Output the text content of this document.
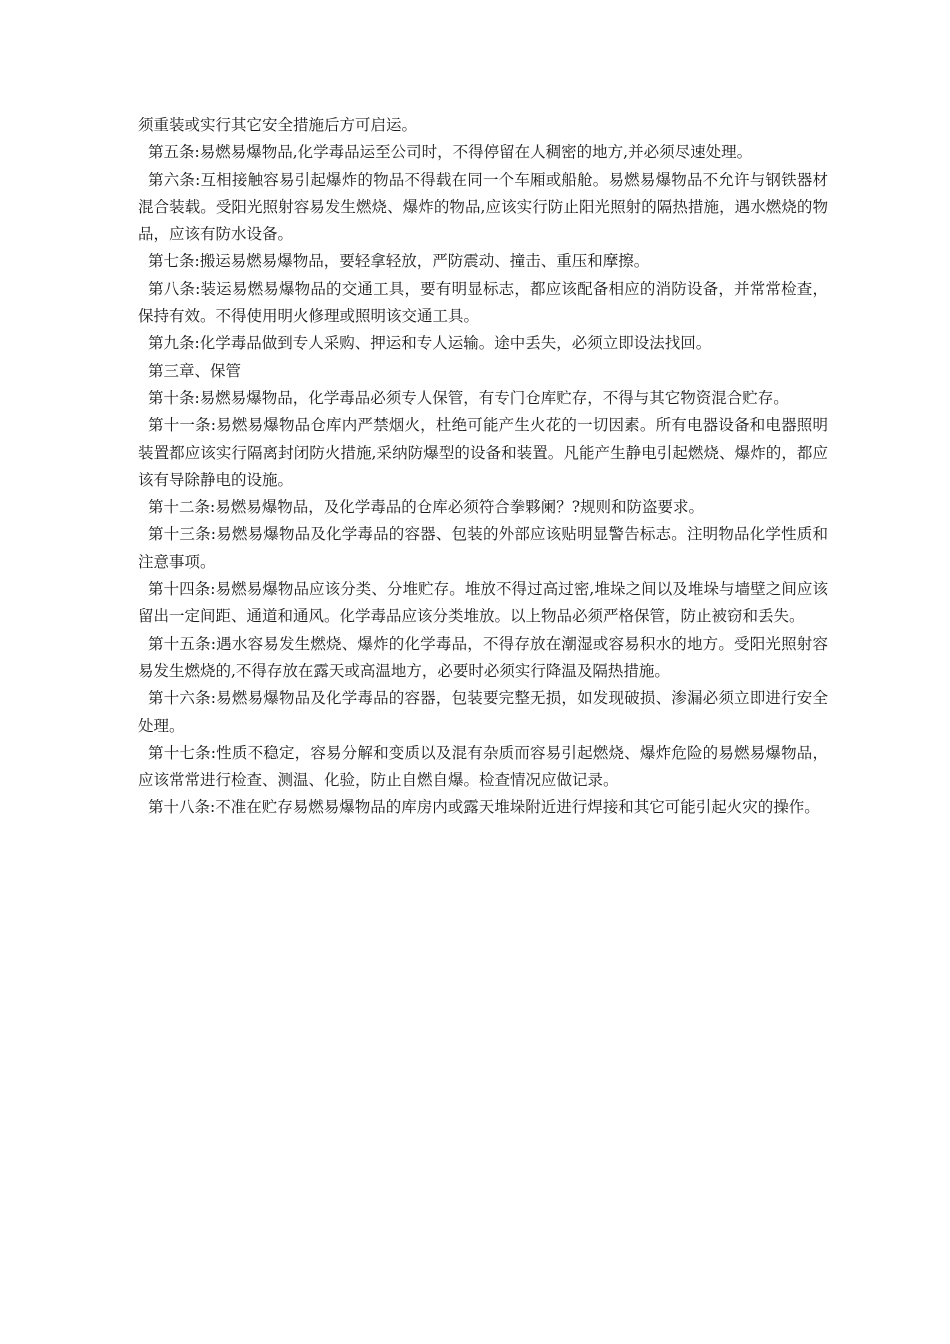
须重装或实行其它安全措施后方可启运。

第五条:易燃易爆物品,化学毒品运至公司时，不得停留在人稠密的地方,并必须尽速处理。

第六条:互相接触容易引起爆炸的物品不得载在同一个车厢或船舱。易燃易爆物品不允许与钢铁器材混合装载。受阳光照射容易发生燃烧、爆炸的物品,应该实行防止阳光照射的隔热措施，遇水燃烧的物品，应该有防水设备。

第七条:搬运易燃易爆物品，要轻拿轻放，严防震动、撞击、重压和摩擦。

第八条:装运易燃易爆物品的交通工具，要有明显标志，都应该配备相应的消防设备，并常常检查，保持有效。不得使用明火修理或照明该交通工具。

第九条:化学毒品做到专人采购、押运和专人运输。途中丢失，必须立即设法找回。

第三章、保管

第十条:易燃易爆物品，化学毒品必须专人保管，有专门仓库贮存，不得与其它物资混合贮存。

第十一条:易燃易爆物品仓库内严禁烟火，杜绝可能产生火花的一切因素。所有电器设备和电器照明装置都应该实行隔离封闭防火措施,采纳防爆型的设备和装置。凡能产生静电引起燃烧、爆炸的，都应该有导除静电的设施。

第十二条:易燃易爆物品，及化学毒品的仓库必须符合拳夥阑？?规则和防盗要求。

第十三条:易燃易爆物品及化学毒品的容器、包装的外部应该贴明显警告标志。注明物品化学性质和注意事项。

第十四条:易燃易爆物品应该分类、分堆贮存。堆放不得过高过密,堆垛之间以及堆垛与墙壁之间应该留出一定间距、通道和通风。化学毒品应该分类堆放。以上物品必须严格保管，防止被窃和丢失。

第十五条:遇水容易发生燃烧、爆炸的化学毒品，不得存放在潮湿或容易积水的地方。受阳光照射容易发生燃烧的,不得存放在露天或高温地方，必要时必须实行降温及隔热措施。

第十六条:易燃易爆物品及化学毒品的容器，包装要完整无损，如发现破损、渗漏必须立即进行安全处理。

第十七条:性质不稳定，容易分解和变质以及混有杂质而容易引起燃烧、爆炸危险的易燃易爆物品，应该常常进行检查、测温、化验，防止自燃自爆。检查情况应做记录。

第十八条:不准在贮存易燃易爆物品的库房内或露天堆垛附近进行焊接和其它可能引起火灾的操作。
